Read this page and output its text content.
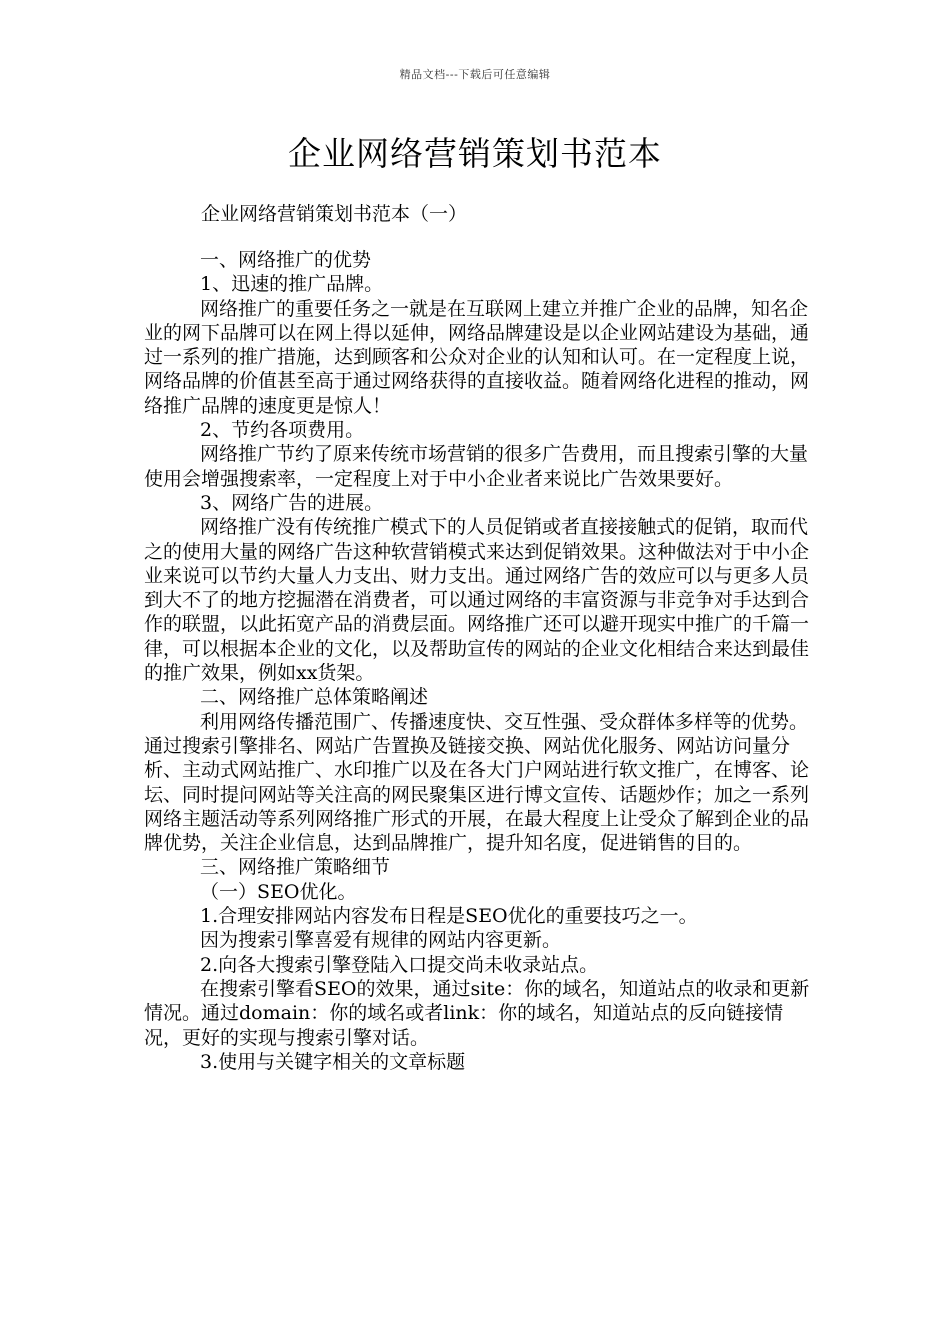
精品文档---下载后可任意编辑
企业网络营销策划书范本
企业网络营销策划书范本（一）

一、网络推广的优势

1、迅速的推广品牌。

网络推广的重要任务之一就是在互联网上建立并推广企业的品牌，知名企业的网下品牌可以在网上得以延伸，网络品牌建设是以企业网站建设为基础，通过一系列的推广措施，达到顾客和公众对企业的认知和认可。在一定程度上说，网络品牌的价值甚至高于通过网络获得的直接收益。随着网络化进程的推动，网络推广品牌的速度更是惊人！

2、节约各项费用。

网络推广节约了原来传统市场营销的很多广告费用，而且搜索引擎的大量使用会增强搜索率，一定程度上对于中小企业者来说比广告效果要好。

3、网络广告的进展。

网络推广没有传统推广模式下的人员促销或者直接接触式的促销，取而代之的使用大量的网络广告这种软营销模式来达到促销效果。这种做法对于中小企业来说可以节约大量人力支出、财力支出。通过网络广告的效应可以与更多人员到大不了的地方挖掘潜在消费者，可以通过网络的丰富资源与非竞争对手达到合作的联盟，以此拓宽产品的消费层面。网络推广还可以避开现实中推广的千篇一律，可以根据本企业的文化，以及帮助宣传的网站的企业文化相结合来达到最佳的推广效果，例如xx货架。

二、网络推广总体策略阐述

利用网络传播范围广、传播速度快、交互性强、受众群体多样等的优势。通过搜索引擎排名、网站广告置换及链接交换、网站优化服务、网站访问量分析、主动式网站推广、水印推广以及在各大门户网站进行软文推广，在博客、论坛、同时提问网站等关注高的网民聚集区进行博文宣传、话题炒作；加之一系列网络主题活动等系列网络推广形式的开展，在最大程度上让受众了解到企业的品牌优势，关注企业信息，达到品牌推广，提升知名度，促进销售的目的。

三、网络推广策略细节

（一）SEO优化。

1.合理安排网站内容发布日程是SEO优化的重要技巧之一。

因为搜索引擎喜爱有规律的网站内容更新。

2.向各大搜索引擎登陆入口提交尚未收录站点。

在搜索引擎看SEO的效果，通过site：你的域名，知道站点的收录和更新情况。通过domain：你的域名或者link：你的域名，知道站点的反向链接情况，更好的实现与搜索引擎对话。

3.使用与关键字相关的文章标题
